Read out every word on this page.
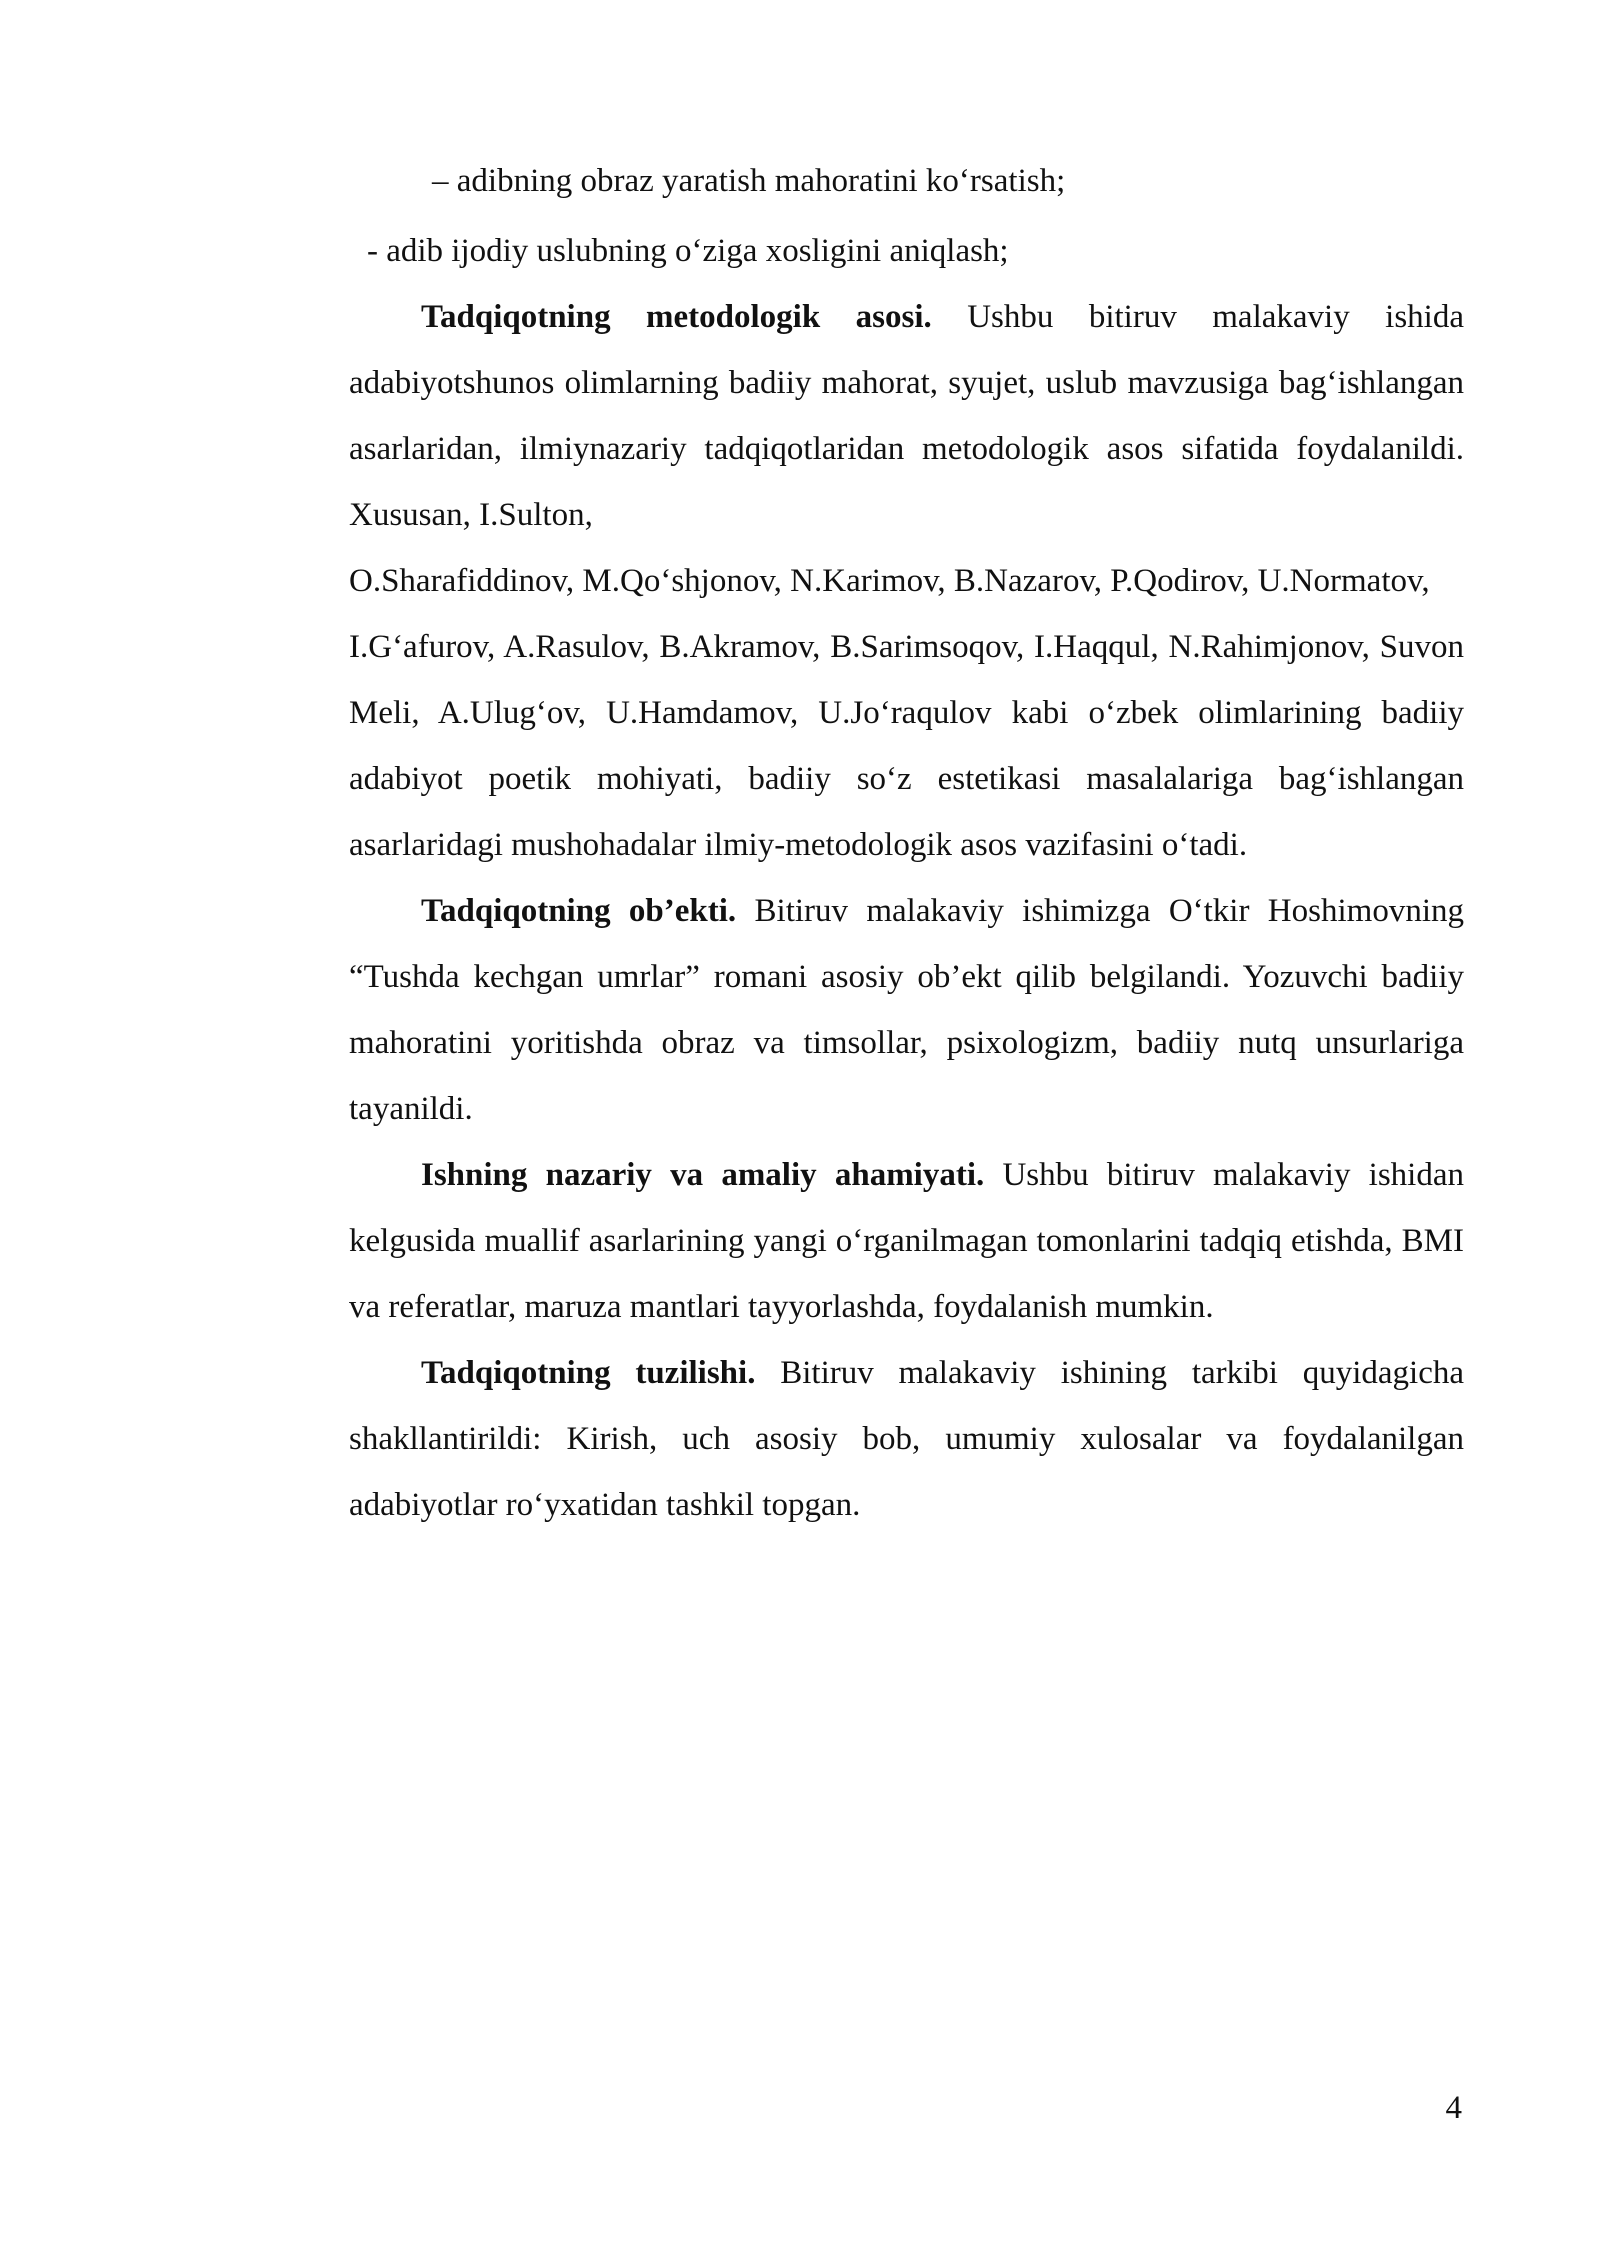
– adibning obraz yaratish mahoratini ko‘rsatish;
- adib ijodiy uslubning o‘ziga xosligini aniqlash;

Tadqiqotning metodologik asosi. Ushbu bitiruv malakaviy ishida adabiyotshunos olimlarning badiiy mahorat, syujet, uslub mavzusiga bag‘ishlangan asarlaridan, ilmiynazariy tadqiqotlaridan metodologik asos sifatida foydalanildi. Xususan, I.Sulton,

O.Sharafiddinov, M.Qo‘shjonov, N.Karimov, B.Nazarov, P.Qodirov, U.Normatov,

I.G‘afurov, A.Rasulov, B.Akramov, B.Sarimsoqov, I.Haqqul, N.Rahimjonov, Suvon Meli, A.Ulug‘ov, U.Hamdamov, U.Jo‘raqulov kabi o‘zbek olimlarining badiiy adabiyot poetik mohiyati, badiiy so‘z estetikasi masalalariga bag‘ishlangan asarlaridagi mushohadalar ilmiy-metodologik asos vazifasini o‘tadi.

Tadqiqotning ob’ekti. Bitiruv malakaviy ishimizga O‘tkir Hoshimovning “Tushda kechgan umrlar” romani asosiy ob’ekt qilib belgilandi. Yozuvchi badiiy mahoratini yoritishda obraz va timsollar, psixologizm, badiiy nutq unsurlariga tayanildi.

Ishning nazariy va amaliy ahamiyati. Ushbu bitiruv malakaviy ishidan kelgusida muallif asarlarining yangi o‘rganilmagan tomonlarini tadqiq etishda, BMI va referatlar, maruza mantlari tayyorlashda, foydalanish mumkin.

Tadqiqotning tuzilishi. Bitiruv malakaviy ishining tarkibi quyidagicha shakllantirildi: Kirish, uch asosiy bob, umumiy xulosalar va foydalanilgan adabiyotlar ro‘yxatidan tashkil topgan.

4
